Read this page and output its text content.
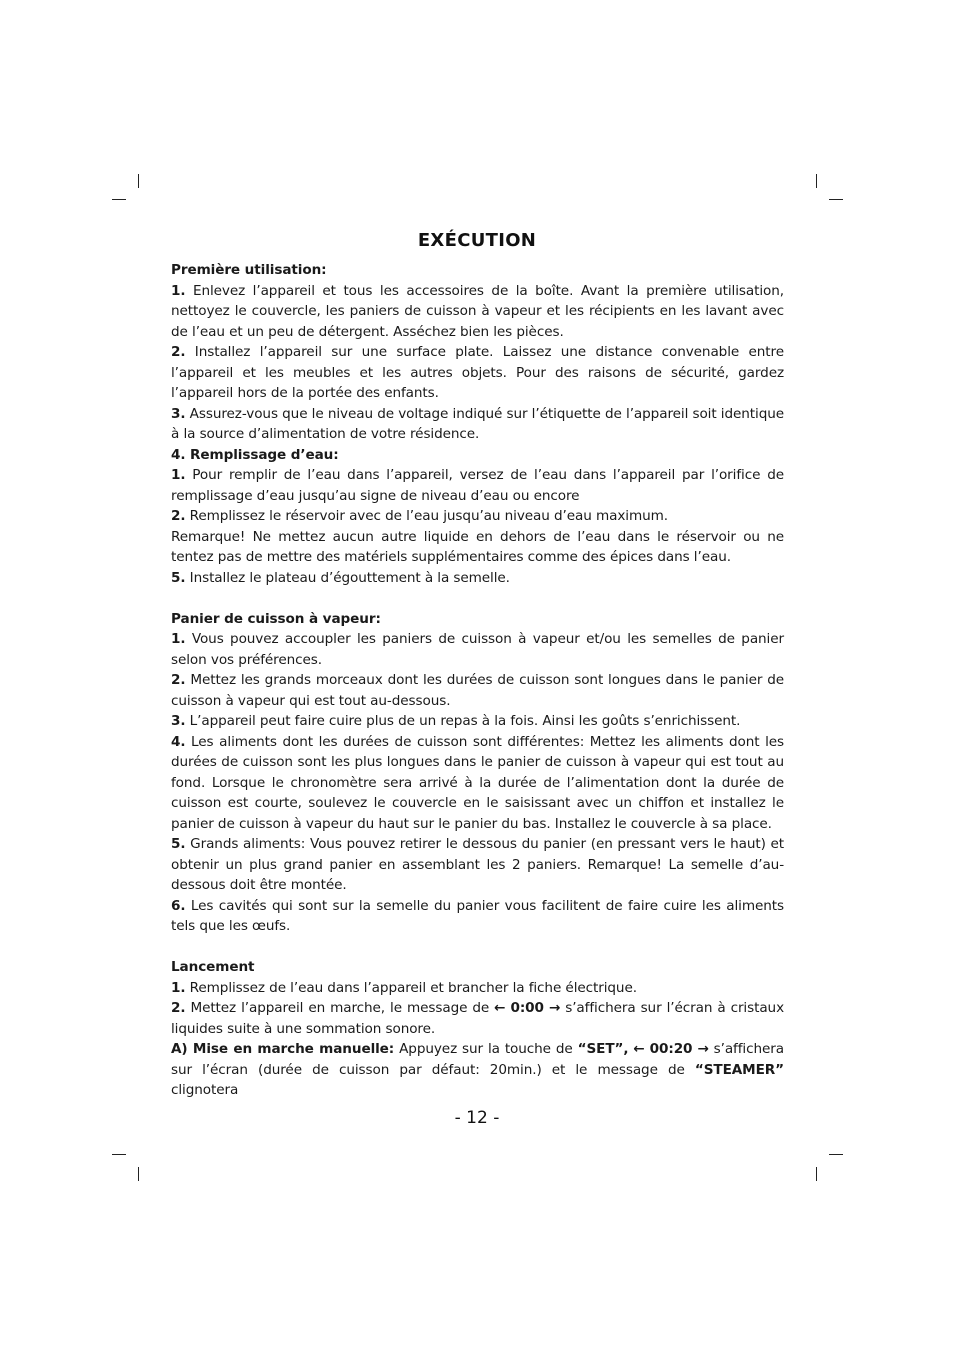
EXÉCUTION

Première utilisation:

1. Enlevez l’appareil et tous les accessoires de la boîte. Avant la première utilisation, nettoyez le couvercle, les paniers de cuisson à vapeur et les récipients en les lavant avec de l’eau et un peu de détergent. Asséchez bien les pièces.

2. Installez l’appareil sur une surface plate. Laissez une distance convenable entre l’appareil et les meubles et les autres objets. Pour des raisons de sécurité, gardez l’appareil hors de la portée des enfants.

3. Assurez-vous que le niveau de voltage indiqué sur l’étiquette de l’appareil soit identique à la source d’alimentation de votre résidence.

4. Remplissage d’eau:

1. Pour remplir de l’eau dans l’appareil, versez de l’eau dans l’appareil par l’orifice de remplissage d’eau jusqu’au signe de niveau d’eau ou encore

2. Remplissez le réservoir avec de l’eau jusqu’au niveau d’eau maximum.

Remarque! Ne mettez aucun autre liquide en dehors de l’eau dans le réservoir ou ne tentez pas de mettre des matériels supplémentaires comme des épices dans l’eau.

5. Installez le plateau d’égouttement à la semelle.

Panier de cuisson à vapeur:

1. Vous pouvez accoupler les paniers de cuisson à vapeur et/ou les semelles de panier selon vos préférences.

2. Mettez les grands morceaux dont les durées de cuisson sont longues dans le panier de cuisson à vapeur qui est tout au-dessous.

3. L’appareil peut faire cuire plus de un repas à la fois. Ainsi les goûts s’enrichissent.

4. Les aliments dont les durées de cuisson sont différentes: Mettez les aliments dont les durées de cuisson sont les plus longues dans le panier de cuisson à vapeur qui est tout au fond. Lorsque le chronomètre sera arrivé à la durée de l’alimentation dont la durée de cuisson est courte, soulevez le couvercle en le saisissant avec un chiffon et installez le panier de cuisson à vapeur du haut sur le panier du bas. Installez le couvercle à sa place.

5. Grands aliments: Vous pouvez retirer le dessous du panier (en pressant vers le haut) et obtenir un plus grand panier en assemblant les 2 paniers. Remarque! La semelle d’au-dessous doit être montée.

6. Les cavités qui sont sur la semelle du panier vous facilitent de faire cuire les aliments tels que les œufs.

Lancement

1. Remplissez de l’eau dans l’appareil et brancher la fiche électrique.

2. Mettez l’appareil en marche, le message de ← 0:00 → s’affichera sur l’écran à cristaux liquides suite à une sommation sonore.

A) Mise en marche manuelle: Appuyez sur la touche de “SET”, ← 00:20 → s’affichera sur l’écran (durée de cuisson par défaut: 20min.) et le message de “STEAMER” clignotera

- 12 -
